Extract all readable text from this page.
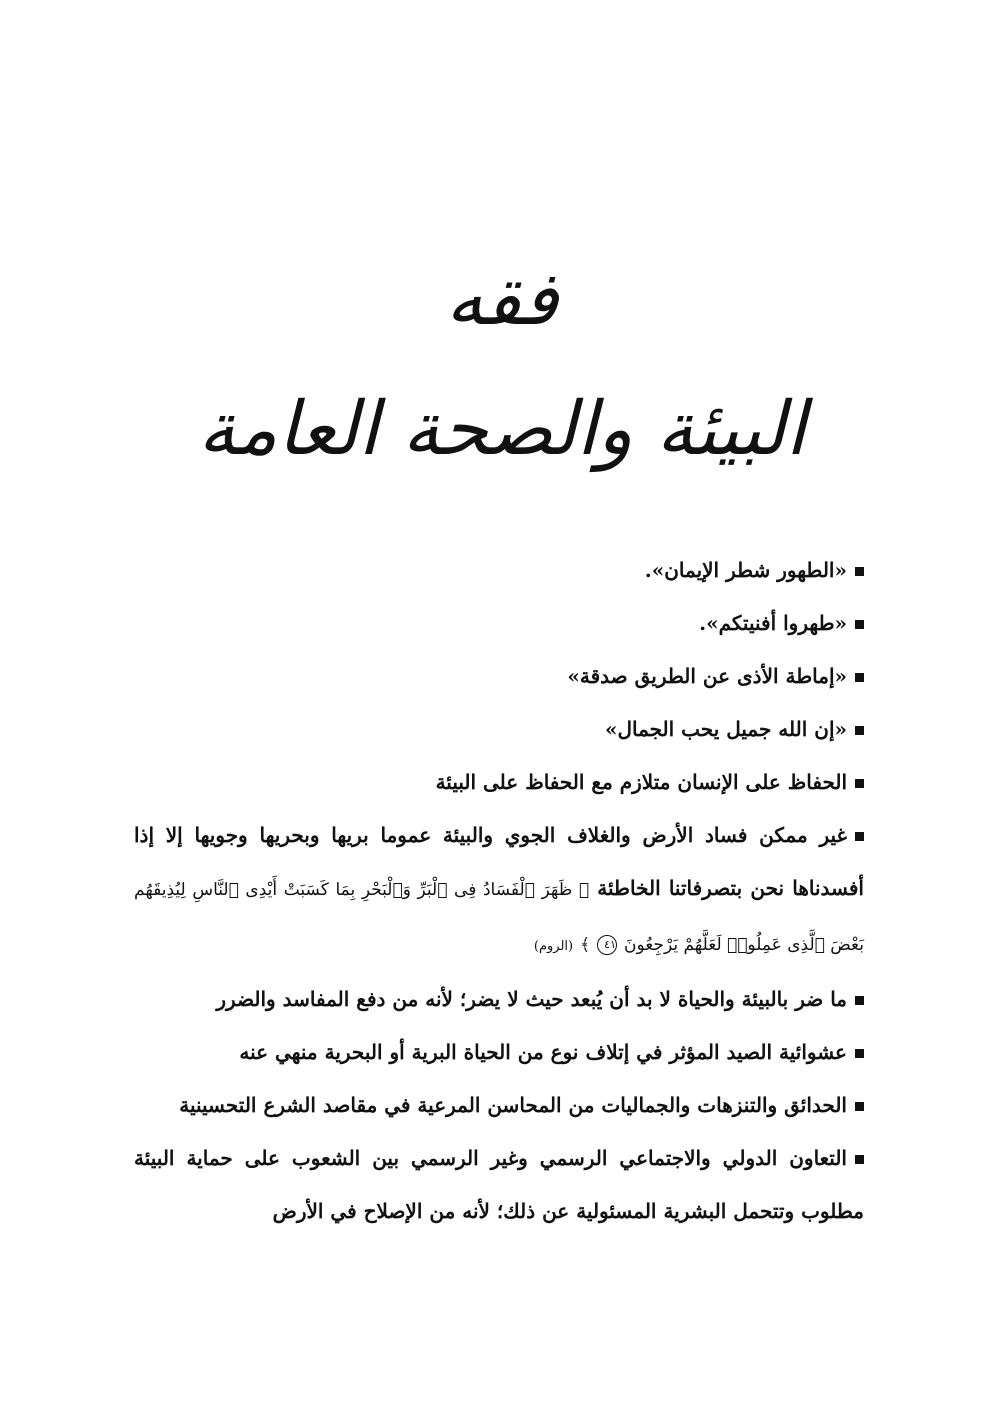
فقه
البيئة والصحة العامة
«الطهور شطر الإيمان».
«طهروا أفنيتكم».
«إماطة الأذى عن الطريق صدقة»
«إن الله جميل يحب الجمال»
الحفاظ على الإنسان متلازم مع الحفاظ على البيئة
غير ممكن فساد الأرض والغلاف الجوي والبيئة عموما بريها وبحريها وجويها إلا إذا أفسدناها نحن بتصرفاتنا الخاطئة ﴿ ظَهَرَ ٱلْفَسَادُ فِى ٱلْبَرِّ وَٱلْبَحْرِ بِمَا كَسَبَتْ أَيْدِى ٱلنَّاسِ لِيُذِيقَهُم بَعْضَ ٱلَّذِى عَمِلُوا۟ لَعَلَّهُمْ يَرْجِعُونَ ٤١ ﴾ (الروم)
ما ضر بالبيئة والحياة لا بد أن يُبعد حيث لا يضر؛ لأنه من دفع المفاسد والضرر
عشوائية الصيد المؤثر في إتلاف نوع من الحياة البرية أو البحرية منهي عنه
الحدائق والتنزهات والجماليات من المحاسن المرعية في مقاصد الشرع التحسينية
التعاون الدولي والاجتماعي الرسمي وغير الرسمي بين الشعوب على حماية البيئة مطلوب وتتحمل البشرية المسئولية عن ذلك؛ لأنه من الإصلاح في الأرض
